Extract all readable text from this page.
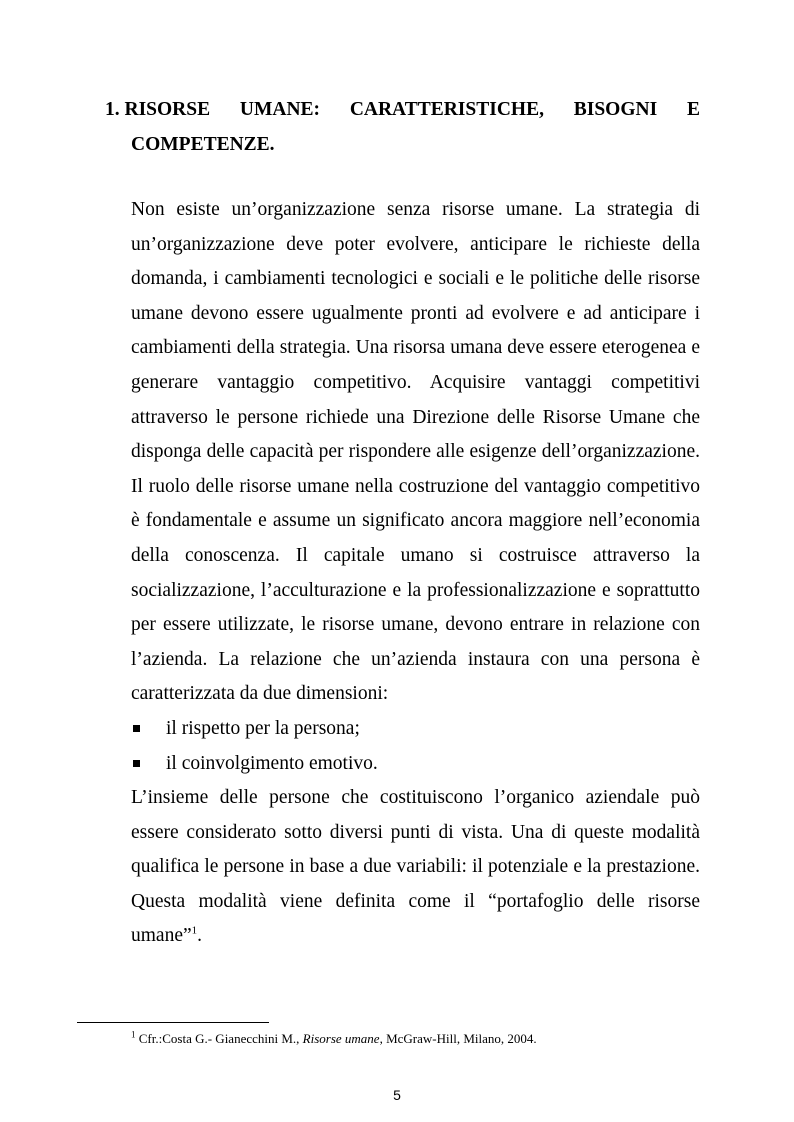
1. RISORSE UMANE: CARATTERISTICHE, BISOGNI E
COMPETENZE.

Non esiste un’organizzazione senza risorse umane. La strategia di un’organizzazione deve poter evolvere, anticipare le richieste della domanda, i cambiamenti tecnologici e sociali e le politiche delle risorse umane devono essere ugualmente pronti ad evolvere e ad anticipare i cambiamenti della strategia. Una risorsa umana deve essere eterogenea e generare vantaggio competitivo. Acquisire vantaggi competitivi attraverso le persone richiede una Direzione delle Risorse Umane che disponga delle capacità per rispondere alle esigenze dell’organizzazione. Il ruolo delle risorse umane nella costruzione del vantaggio competitivo è fondamentale e assume un significato ancora maggiore nell’economia della conoscenza. Il capitale umano si costruisce attraverso la socializzazione, l’acculturazione e la professionalizzazione e soprattutto per essere utilizzate, le risorse umane, devono entrare in relazione con l’azienda. La relazione che un’azienda instaura con una persona è caratterizzata da due dimensioni:

il rispetto per la persona;
il coinvolgimento emotivo.

L’insieme delle persone che costituiscono l’organico aziendale può essere considerato sotto diversi punti di vista. Una di queste modalità qualifica le persone in base a due variabili: il potenziale e la prestazione. Questa modalità viene definita come il “portafoglio delle risorse umane”$^1$.

$^1$ Cfr.:Costa G.- Gianecchini M., Risorse umane, McGraw-Hill, Milano, 2004.
5
